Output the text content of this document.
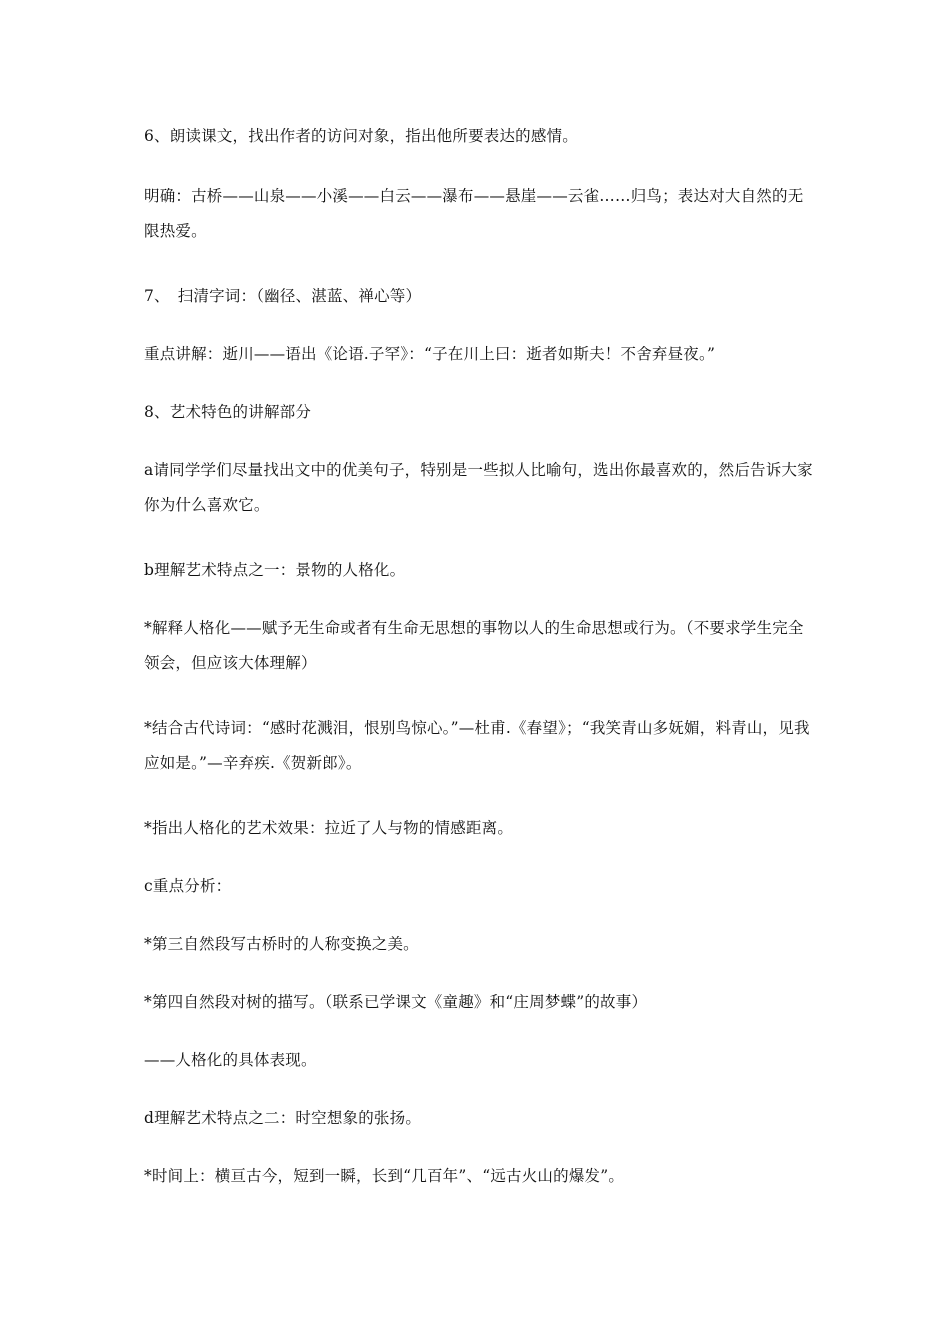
6、朗读课文，找出作者的访问对象，指出他所要表达的感情。

明确：古桥——山泉——小溪——白云——瀑布——悬崖——云雀……归鸟；表达对大自然的无限热爱。

7、　扫清字词：（幽径、湛蓝、禅心等）

重点讲解：逝川——语出《论语.子罕》：“子在川上曰：逝者如斯夫！不舍弃昼夜。”

8、艺术特色的讲解部分

a请同学学们尽量找出文中的优美句子，特别是一些拟人比喻句，选出你最喜欢的，然后告诉大家你为什么喜欢它。

b理解艺术特点之一：景物的人格化。

*解释人格化——赋予无生命或者有生命无思想的事物以人的生命思想或行为。（不要求学生完全领会，但应该大体理解）

*结合古代诗词：“感时花溅泪，恨别鸟惊心。”—杜甫.《春望》；“我笑青山多妩媚，料青山，见我应如是。”—辛弃疾.《贺新郎》。

*指出人格化的艺术效果：拉近了人与物的情感距离。

c重点分析：

*第三自然段写古桥时的人称变换之美。

*第四自然段对树的描写。（联系已学课文《童趣》和“庄周梦蝶”的故事）

——人格化的具体表现。

d理解艺术特点之二：时空想象的张扬。

*时间上：横亘古今，短到一瞬，长到“几百年”、“远古火山的爆发”。
